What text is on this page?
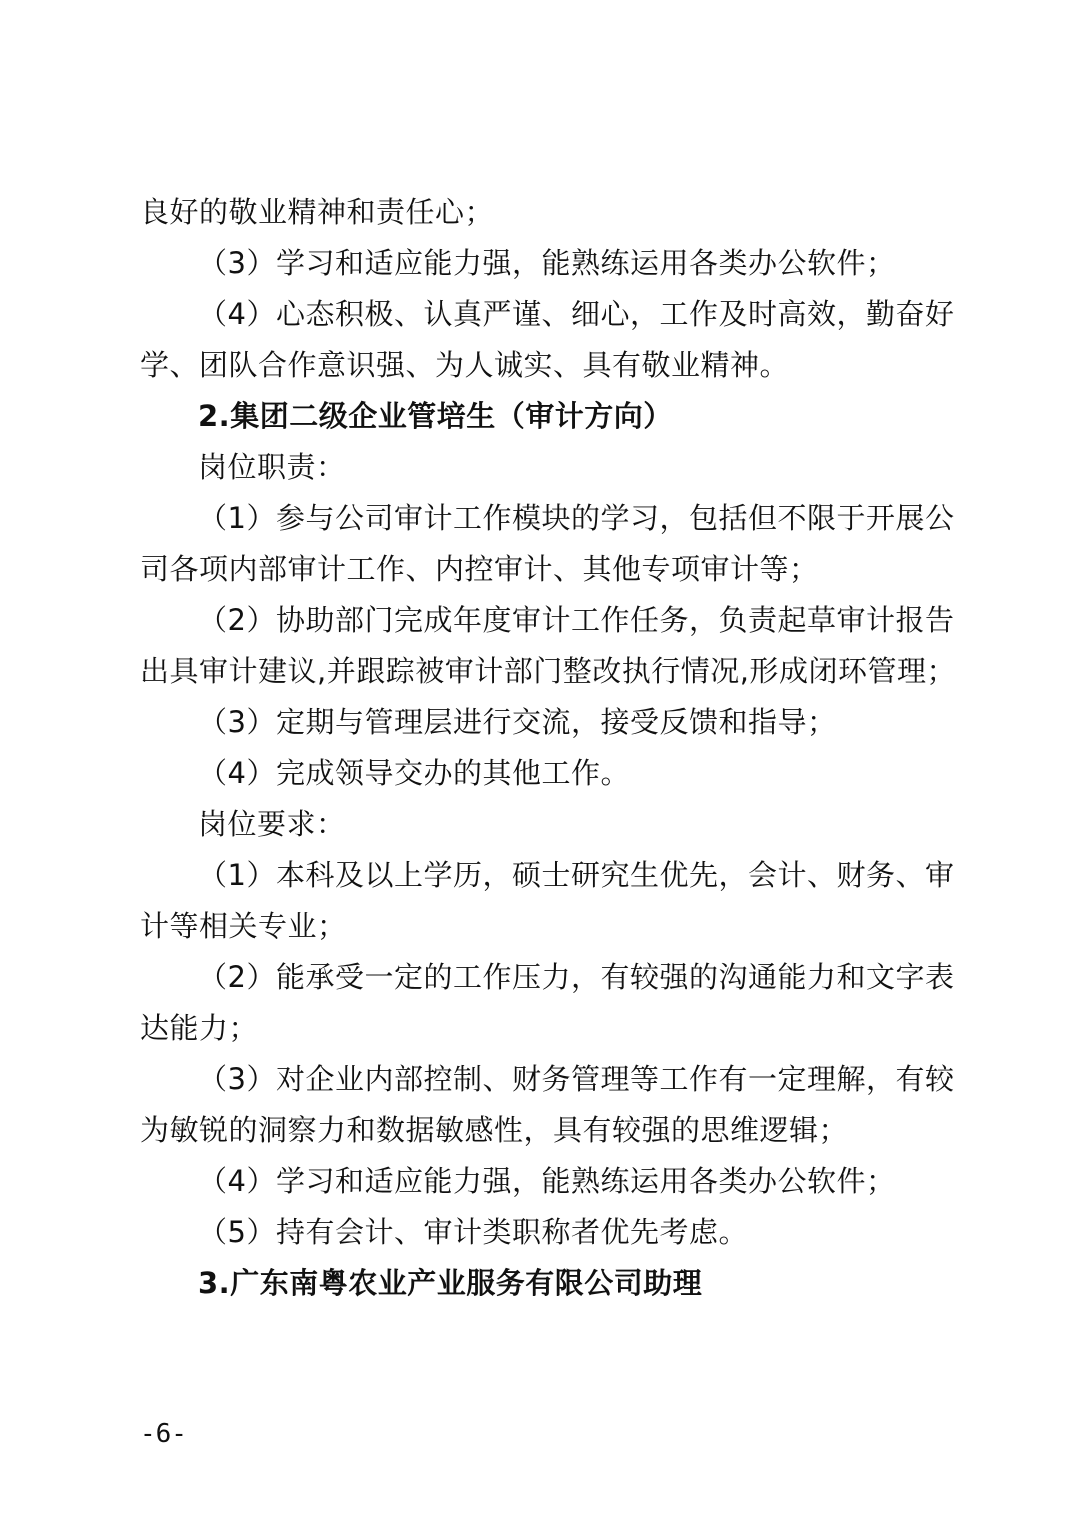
良好的敬业精神和责任心；
（3）学习和适应能力强，能熟练运用各类办公软件；
（4）心态积极、认真严谨、细心，工作及时高效，勤奋好
学、团队合作意识强、为人诚实、具有敬业精神。
2.集团二级企业管培生（审计方向）
岗位职责：
（1）参与公司审计工作模块的学习，包括但不限于开展公
司各项内部审计工作、内控审计、其他专项审计等；
（2）协助部门完成年度审计工作任务，负责起草审计报告
出具审计建议,并跟踪被审计部门整改执行情况,形成闭环管理；
（3）定期与管理层进行交流，接受反馈和指导；
（4）完成领导交办的其他工作。
岗位要求：
（1）本科及以上学历，硕士研究生优先，会计、财务、审
计等相关专业；
（2）能承受一定的工作压力，有较强的沟通能力和文字表
达能力；
（3）对企业内部控制、财务管理等工作有一定理解，有较
为敏锐的洞察力和数据敏感性，具有较强的思维逻辑；
（4）学习和适应能力强，能熟练运用各类办公软件；
（5）持有会计、审计类职称者优先考虑。
3.广东南粤农业产业服务有限公司助理
-6-
